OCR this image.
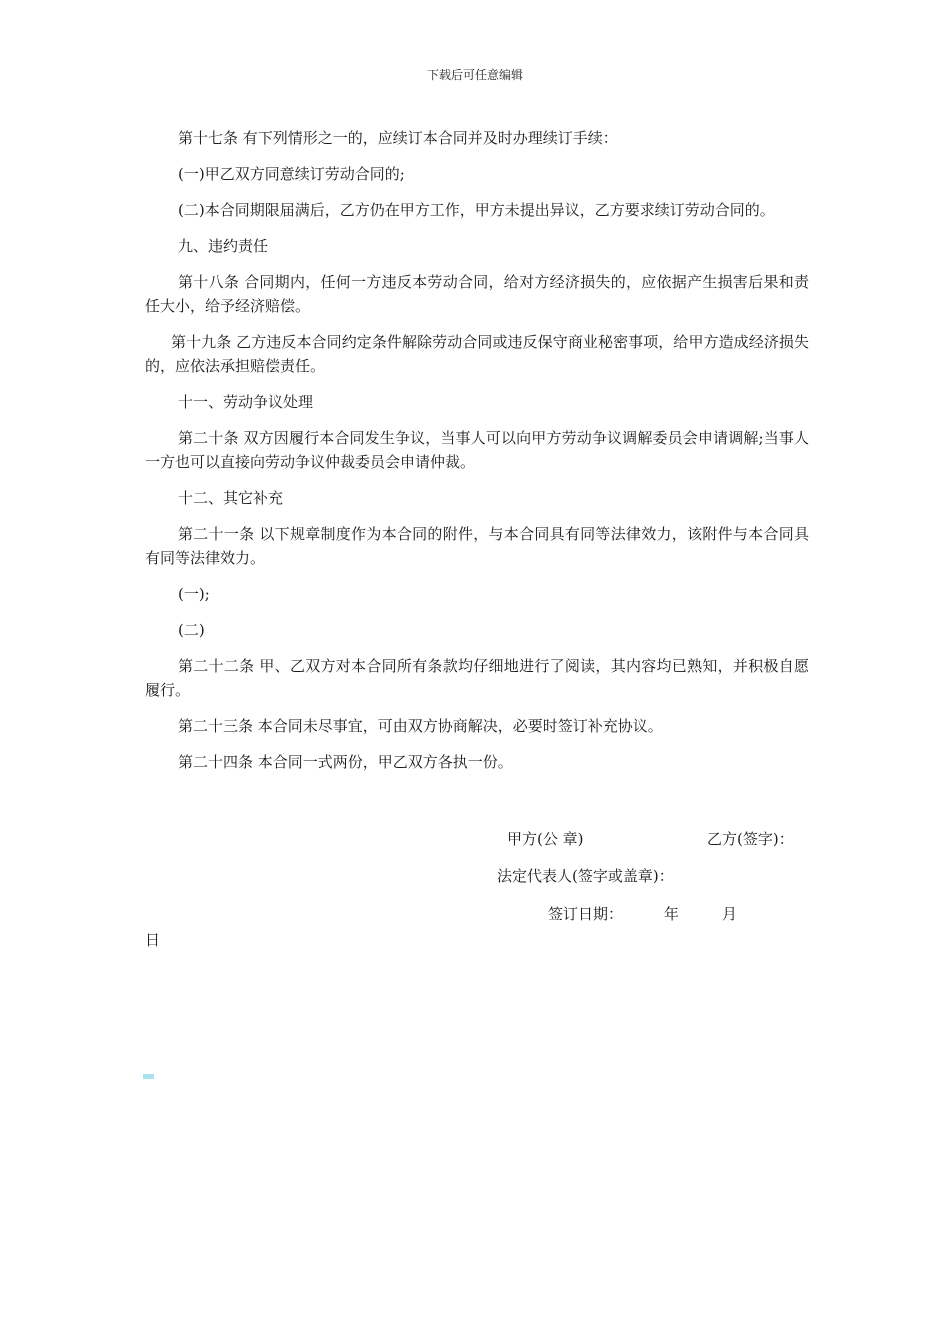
下载后可任意编辑

第十七条 有下列情形之一的，应续订本合同并及时办理续订手续：

(一)甲乙双方同意续订劳动合同的;

(二)本合同期限届满后，乙方仍在甲方工作，甲方未提出异议，乙方要求续订劳动合同的。

九、违约责任

第十八条 合同期内，任何一方违反本劳动合同，给对方经济损失的，应依据产生损害后果和责任大小，给予经济赔偿。

第十九条 乙方违反本合同约定条件解除劳动合同或违反保守商业秘密事项，给甲方造成经济损失的，应依法承担赔偿责任。

十一、劳动争议处理

第二十条 双方因履行本合同发生争议，当事人可以向甲方劳动争议调解委员会申请调解;当事人一方也可以直接向劳动争议仲裁委员会申请仲裁。

十二、其它补充

第二十一条 以下规章制度作为本合同的附件，与本合同具有同等法律效力，该附件与本合同具有同等法律效力。

(一);

(二)

第二十二条 甲、乙双方对本合同所有条款均仔细地进行了阅读，其内容均已熟知，并积极自愿履行。

第二十三条 本合同未尽事宜，可由双方协商解决，必要时签订补充协议。

第二十四条 本合同一式两份，甲乙双方各执一份。

甲方(公 章)	乙方(签字)：
法定代表人(签字或盖章)：
签订日期：	年	月
日
